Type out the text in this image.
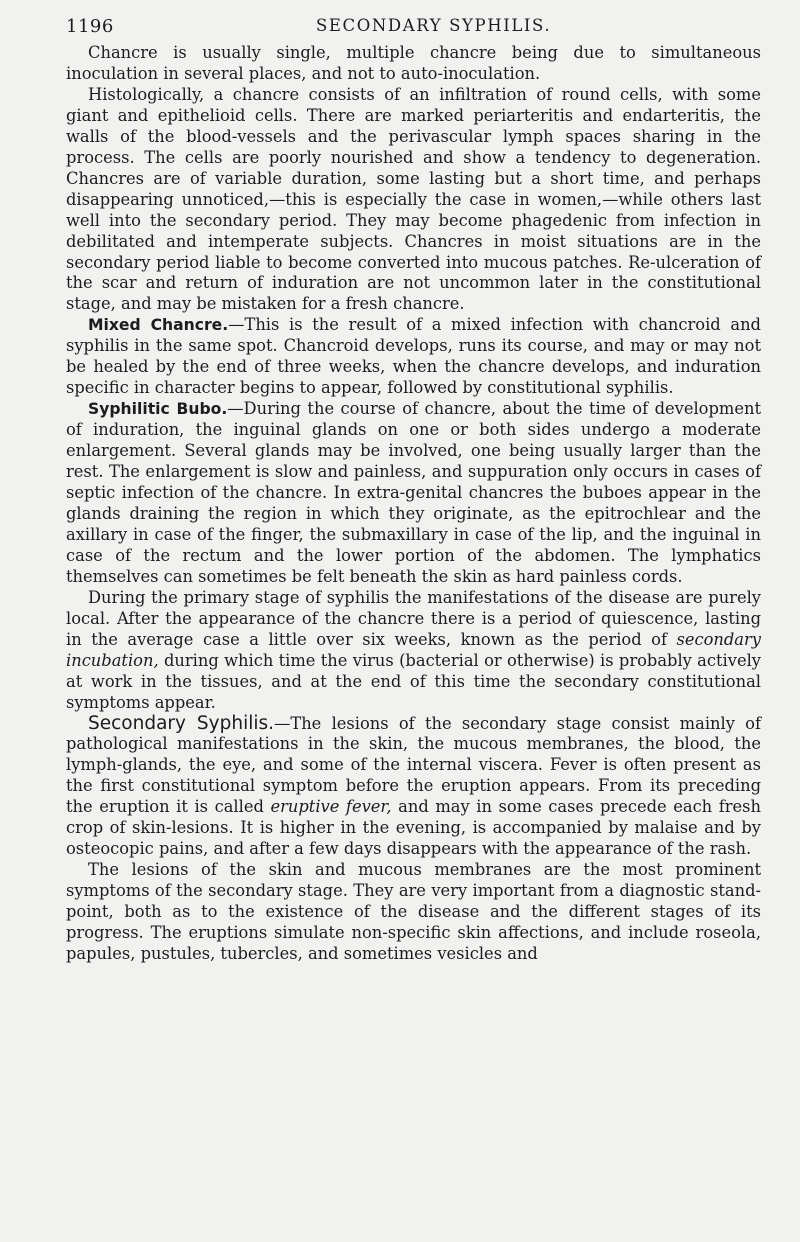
1196	SECONDARY SYPHILIS.

Chancre is usually single, multiple chancre being due to simultaneous inoculation in several places, and not to auto-inoculation.

Histologically, a chancre consists of an infiltration of round cells, with some giant and epithelioid cells. There are marked periarteritis and endarteritis, the walls of the blood-vessels and the perivascular lymph spaces sharing in the process. The cells are poorly nourished and show a tendency to degeneration. Chancres are of variable duration, some lasting but a short time, and perhaps disappearing unnoticed,—this is especially the case in women,—while others last well into the secondary period. They may become phagedenic from infection in debilitated and intemperate subjects. Chancres in moist situations are in the secondary period liable to become converted into mucous patches. Re-ulceration of the scar and return of induration are not uncommon later in the constitutional stage, and may be mistaken for a fresh chancre.

Mixed Chancre.—This is the result of a mixed infection with chancroid and syphilis in the same spot. Chancroid develops, runs its course, and may or may not be healed by the end of three weeks, when the chancre develops, and induration specific in character begins to appear, followed by constitutional syphilis.

Syphilitic Bubo.—During the course of chancre, about the time of development of induration, the inguinal glands on one or both sides undergo a moderate enlargement. Several glands may be involved, one being usually larger than the rest. The enlargement is slow and painless, and suppuration only occurs in cases of septic infection of the chancre. In extra-genital chancres the buboes appear in the glands draining the region in which they originate, as the epitrochlear and the axillary in case of the finger, the submaxillary in case of the lip, and the inguinal in case of the rectum and the lower portion of the abdomen. The lymphatics themselves can sometimes be felt beneath the skin as hard painless cords.

During the primary stage of syphilis the manifestations of the disease are purely local. After the appearance of the chancre there is a period of quiescence, lasting in the average case a little over six weeks, known as the period of secondary incubation, during which time the virus (bacterial or otherwise) is probably actively at work in the tissues, and at the end of this time the secondary constitutional symptoms appear.

Secondary Syphilis.—The lesions of the secondary stage consist mainly of pathological manifestations in the skin, the mucous membranes, the blood, the lymph-glands, the eye, and some of the internal viscera. Fever is often present as the first constitutional symptom before the eruption appears. From its preceding the eruption it is called eruptive fever, and may in some cases precede each fresh crop of skin-lesions. It is higher in the evening, is accompanied by malaise and by osteocopic pains, and after a few days disappears with the appearance of the rash.

The lesions of the skin and mucous membranes are the most prominent symptoms of the secondary stage. They are very important from a diagnostic stand-point, both as to the existence of the disease and the different stages of its progress. The eruptions simulate non-specific skin affections, and include roseola, papules, pustules, tubercles, and sometimes vesicles and
